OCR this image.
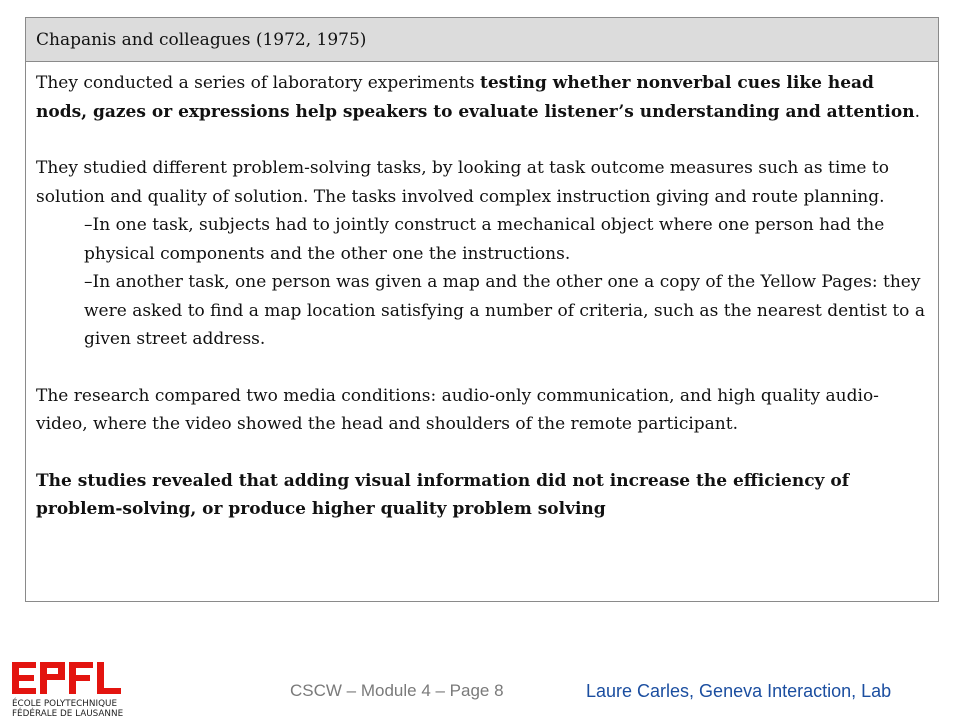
Chapanis and colleagues (1972, 1975)

They conducted a series of laboratory experiments testing whether nonverbal cues like head nods, gazes or expressions help speakers to evaluate listener’s understanding and attention.

They studied different problem-solving tasks, by looking at task outcome measures such as time to solution and quality of solution. The tasks involved complex instruction giving and route planning.

–In one task, subjects had to jointly construct a mechanical object where one person had the physical components and the other one the instructions.

–In another task, one person was given a map and the other one a copy of the Yellow Pages: they were asked to find a map location satisfying a number of criteria, such as the nearest dentist to a given street address.

The research compared two media conditions: audio-only communication, and high quality audio-video, where the video showed the head and shoulders of the remote participant.

The studies revealed that adding visual information did not increase the efficiency of problem-solving, or produce higher quality problem solving

ÉCOLE POLYTECHNIQUE
FÉDÉRALE DE LAUSANNE
CSCW – Module 4 – Page 8	Laure Carles, Geneva Interaction, Lab
